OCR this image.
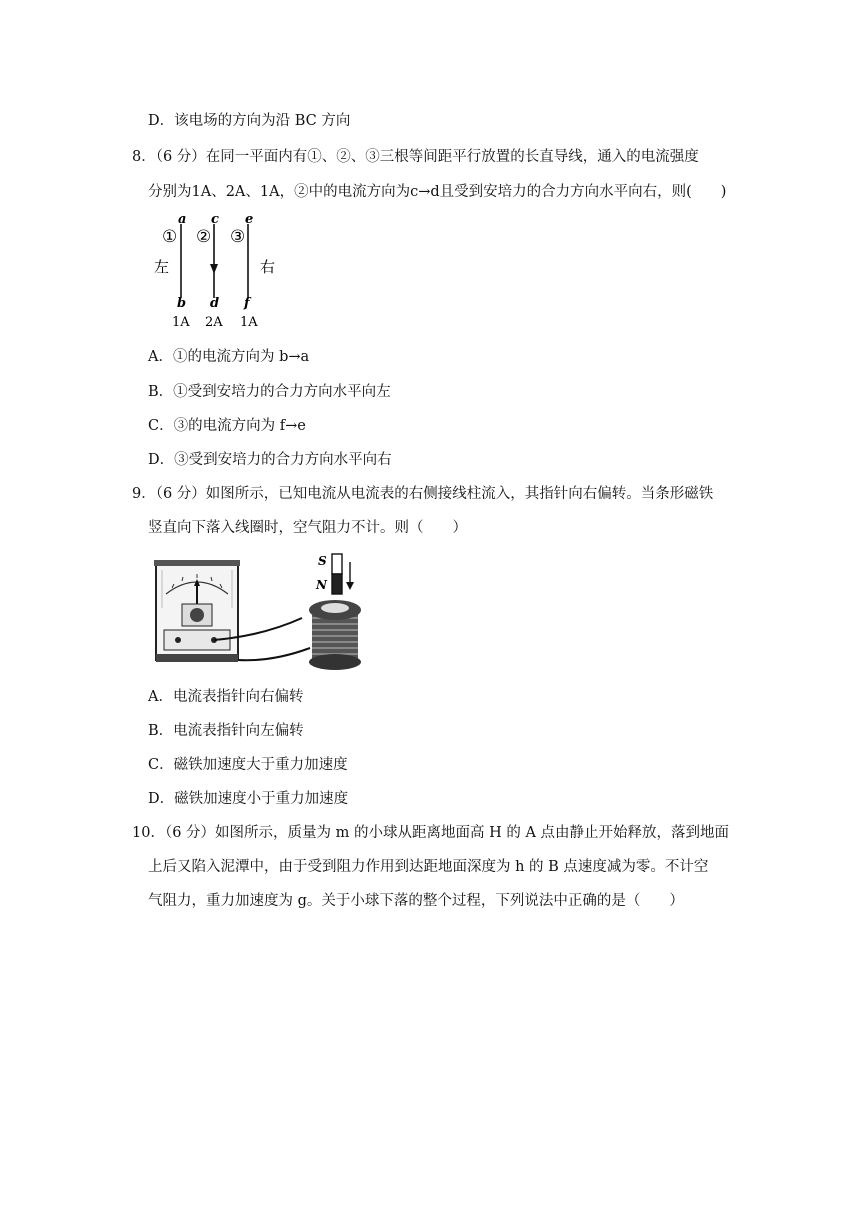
D．该电场的方向为沿 BC 方向
8．（6 分）在同一平面内有①、②、③三根等间距平行放置的长直导线，通入的电流强度
分别为1A、2A、1A，②中的电流方向为c→d且受到安培力的合力方向水平向右，则(　　)
a c e
① ② ③
左	右
b d f
1A 2A 1A
A．①的电流方向为 b→a
B．①受到安培力的合力方向水平向左
C．③的电流方向为 f→e
D．③受到安培力的合力方向水平向右
9．（6 分）如图所示，已知电流从电流表的右侧接线柱流入，其指针向右偏转。当条形磁铁
竖直向下落入线圈时，空气阻力不计。则（　　）
S
N
A．电流表指针向右偏转
B．电流表指针向左偏转
C．磁铁加速度大于重力加速度
D．磁铁加速度小于重力加速度
10．（6 分）如图所示，质量为 m 的小球从距离地面高 H 的 A 点由静止开始释放，落到地面
上后又陷入泥潭中，由于受到阻力作用到达距地面深度为 h 的 B 点速度减为零。不计空
气阻力，重力加速度为 g。关于小球下落的整个过程，下列说法中正确的是（　　）
